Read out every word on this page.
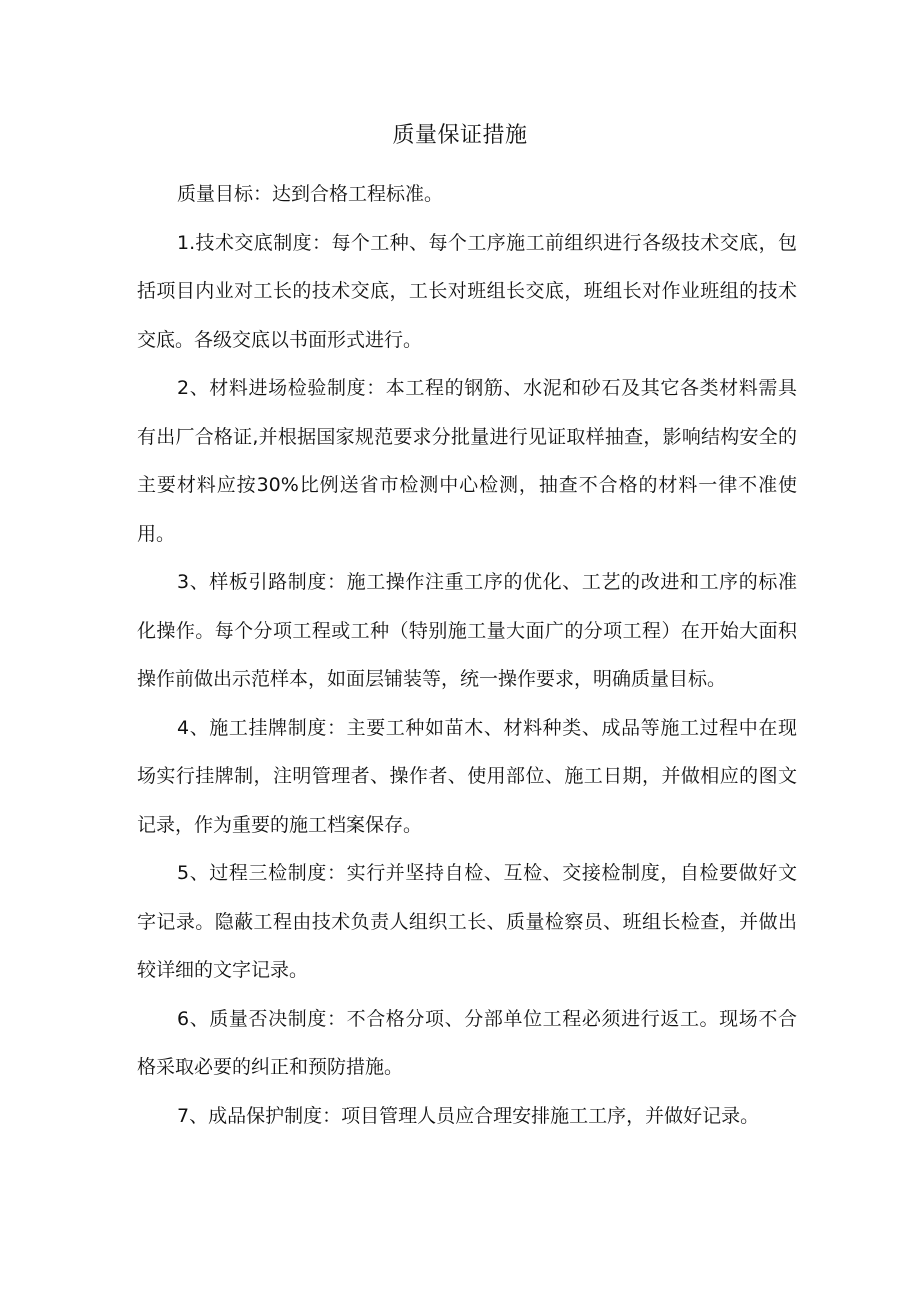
质量保证措施

质量目标：达到合格工程标准。

1.技术交底制度：每个工种、每个工序施工前组织进行各级技术交底，包括项目内业对工长的技术交底，工长对班组长交底，班组长对作业班组的技术交底。各级交底以书面形式进行。

2、材料进场检验制度：本工程的钢筋、水泥和砂石及其它各类材料需具有出厂合格证,并根据国家规范要求分批量进行见证取样抽查，影响结构安全的主要材料应按30%比例送省市检测中心检测，抽查不合格的材料一律不准使用。

3、样板引路制度：施工操作注重工序的优化、工艺的改进和工序的标准化操作。每个分项工程或工种（特别施工量大面广的分项工程）在开始大面积操作前做出示范样本，如面层铺装等，统一操作要求，明确质量目标。

4、施工挂牌制度：主要工种如苗木、材料种类、成品等施工过程中在现场实行挂牌制，注明管理者、操作者、使用部位、施工日期，并做相应的图文记录，作为重要的施工档案保存。

5、过程三检制度：实行并坚持自检、互检、交接检制度，自检要做好文字记录。隐蔽工程由技术负责人组织工长、质量检察员、班组长检查，并做出较详细的文字记录。

6、质量否决制度：不合格分项、分部单位工程必须进行返工。现场不合格采取必要的纠正和预防措施。

7、成品保护制度：项目管理人员应合理安排施工工序，并做好记录。
